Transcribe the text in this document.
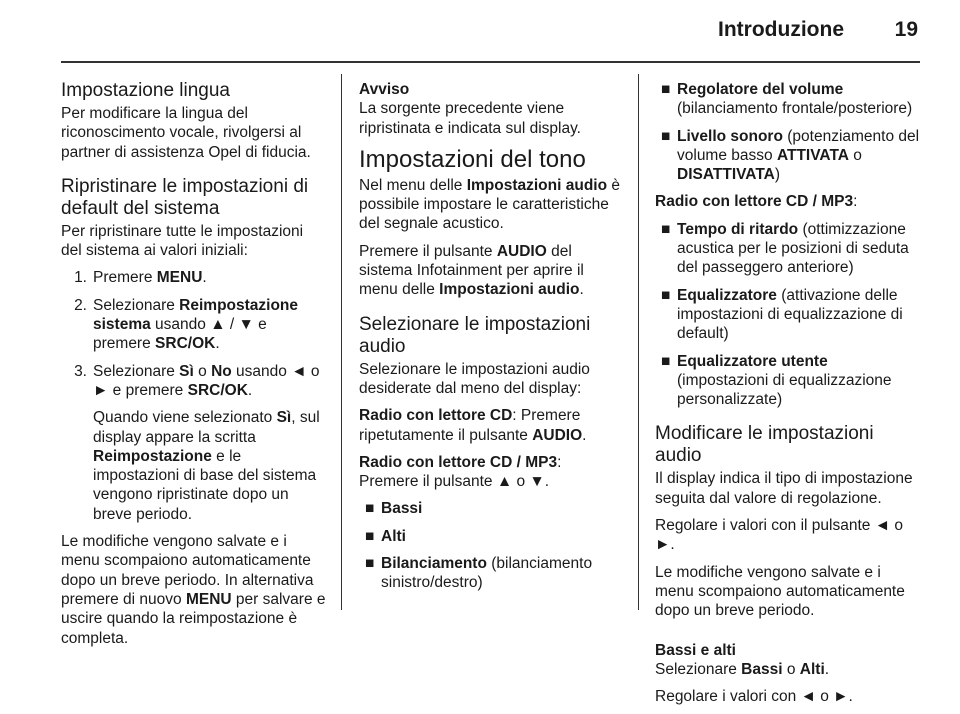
Introduzione 19
Impostazione lingua

Per modificare la lingua del riconoscimento vocale, rivolgersi al partner di assistenza Opel di fiducia.

Ripristinare le impostazioni di default del sistema

Per ripristinare tutte le impostazioni del sistema ai valori iniziali:

1. Premere MENU.
2. Selezionare Reimpostazione sistema usando ▲ / ▼ e premere SRC/OK.
3. Selezionare Sì o No usando ◄ o ► e premere SRC/OK.
Quando viene selezionato Sì, sul display appare la scritta Reimpostazione e le impostazioni di base del sistema vengono ripristinate dopo un breve periodo.

Le modifiche vengono salvate e i menu scompaiono automaticamente dopo un breve periodo. In alternativa premere di nuovo MENU per salvare e uscire quando la reimpostazione è completa.

Avviso

La sorgente precedente viene ripristinata e indicata sul display.

Impostazioni del tono

Nel menu delle Impostazioni audio è possibile impostare le caratteristiche del segnale acustico.

Premere il pulsante AUDIO del sistema Infotainment per aprire il menu delle Impostazioni audio.

Selezionare le impostazioni audio

Selezionare le impostazioni audio desiderate dal meno del display:

Radio con lettore CD: Premere ripetutamente il pulsante AUDIO.

Radio con lettore CD / MP3: Premere il pulsante ▲ o ▼.

■ Bassi
■ Alti
■ Bilanciamento (bilanciamento sinistro/destro)
■ Regolatore del volume (bilanciamento frontale/posteriore)
■ Livello sonoro (potenziamento del volume basso ATTIVATA o DISATTIVATA)

Radio con lettore CD / MP3:

■ Tempo di ritardo (ottimizzazione acustica per le posizioni di seduta del passeggero anteriore)
■ Equalizzatore (attivazione delle impostazioni di equalizzazione di default)
■ Equalizzatore utente (impostazioni di equalizzazione personalizzate)
Modificare le impostazioni audio

Il display indica il tipo di impostazione seguita dal valore di regolazione.

Regolare i valori con il pulsante ◄ o ►.

Le modifiche vengono salvate e i menu scompaiono automaticamente dopo un breve periodo.

Bassi e alti

Selezionare Bassi o Alti.

Regolare i valori con ◄ o ►.
